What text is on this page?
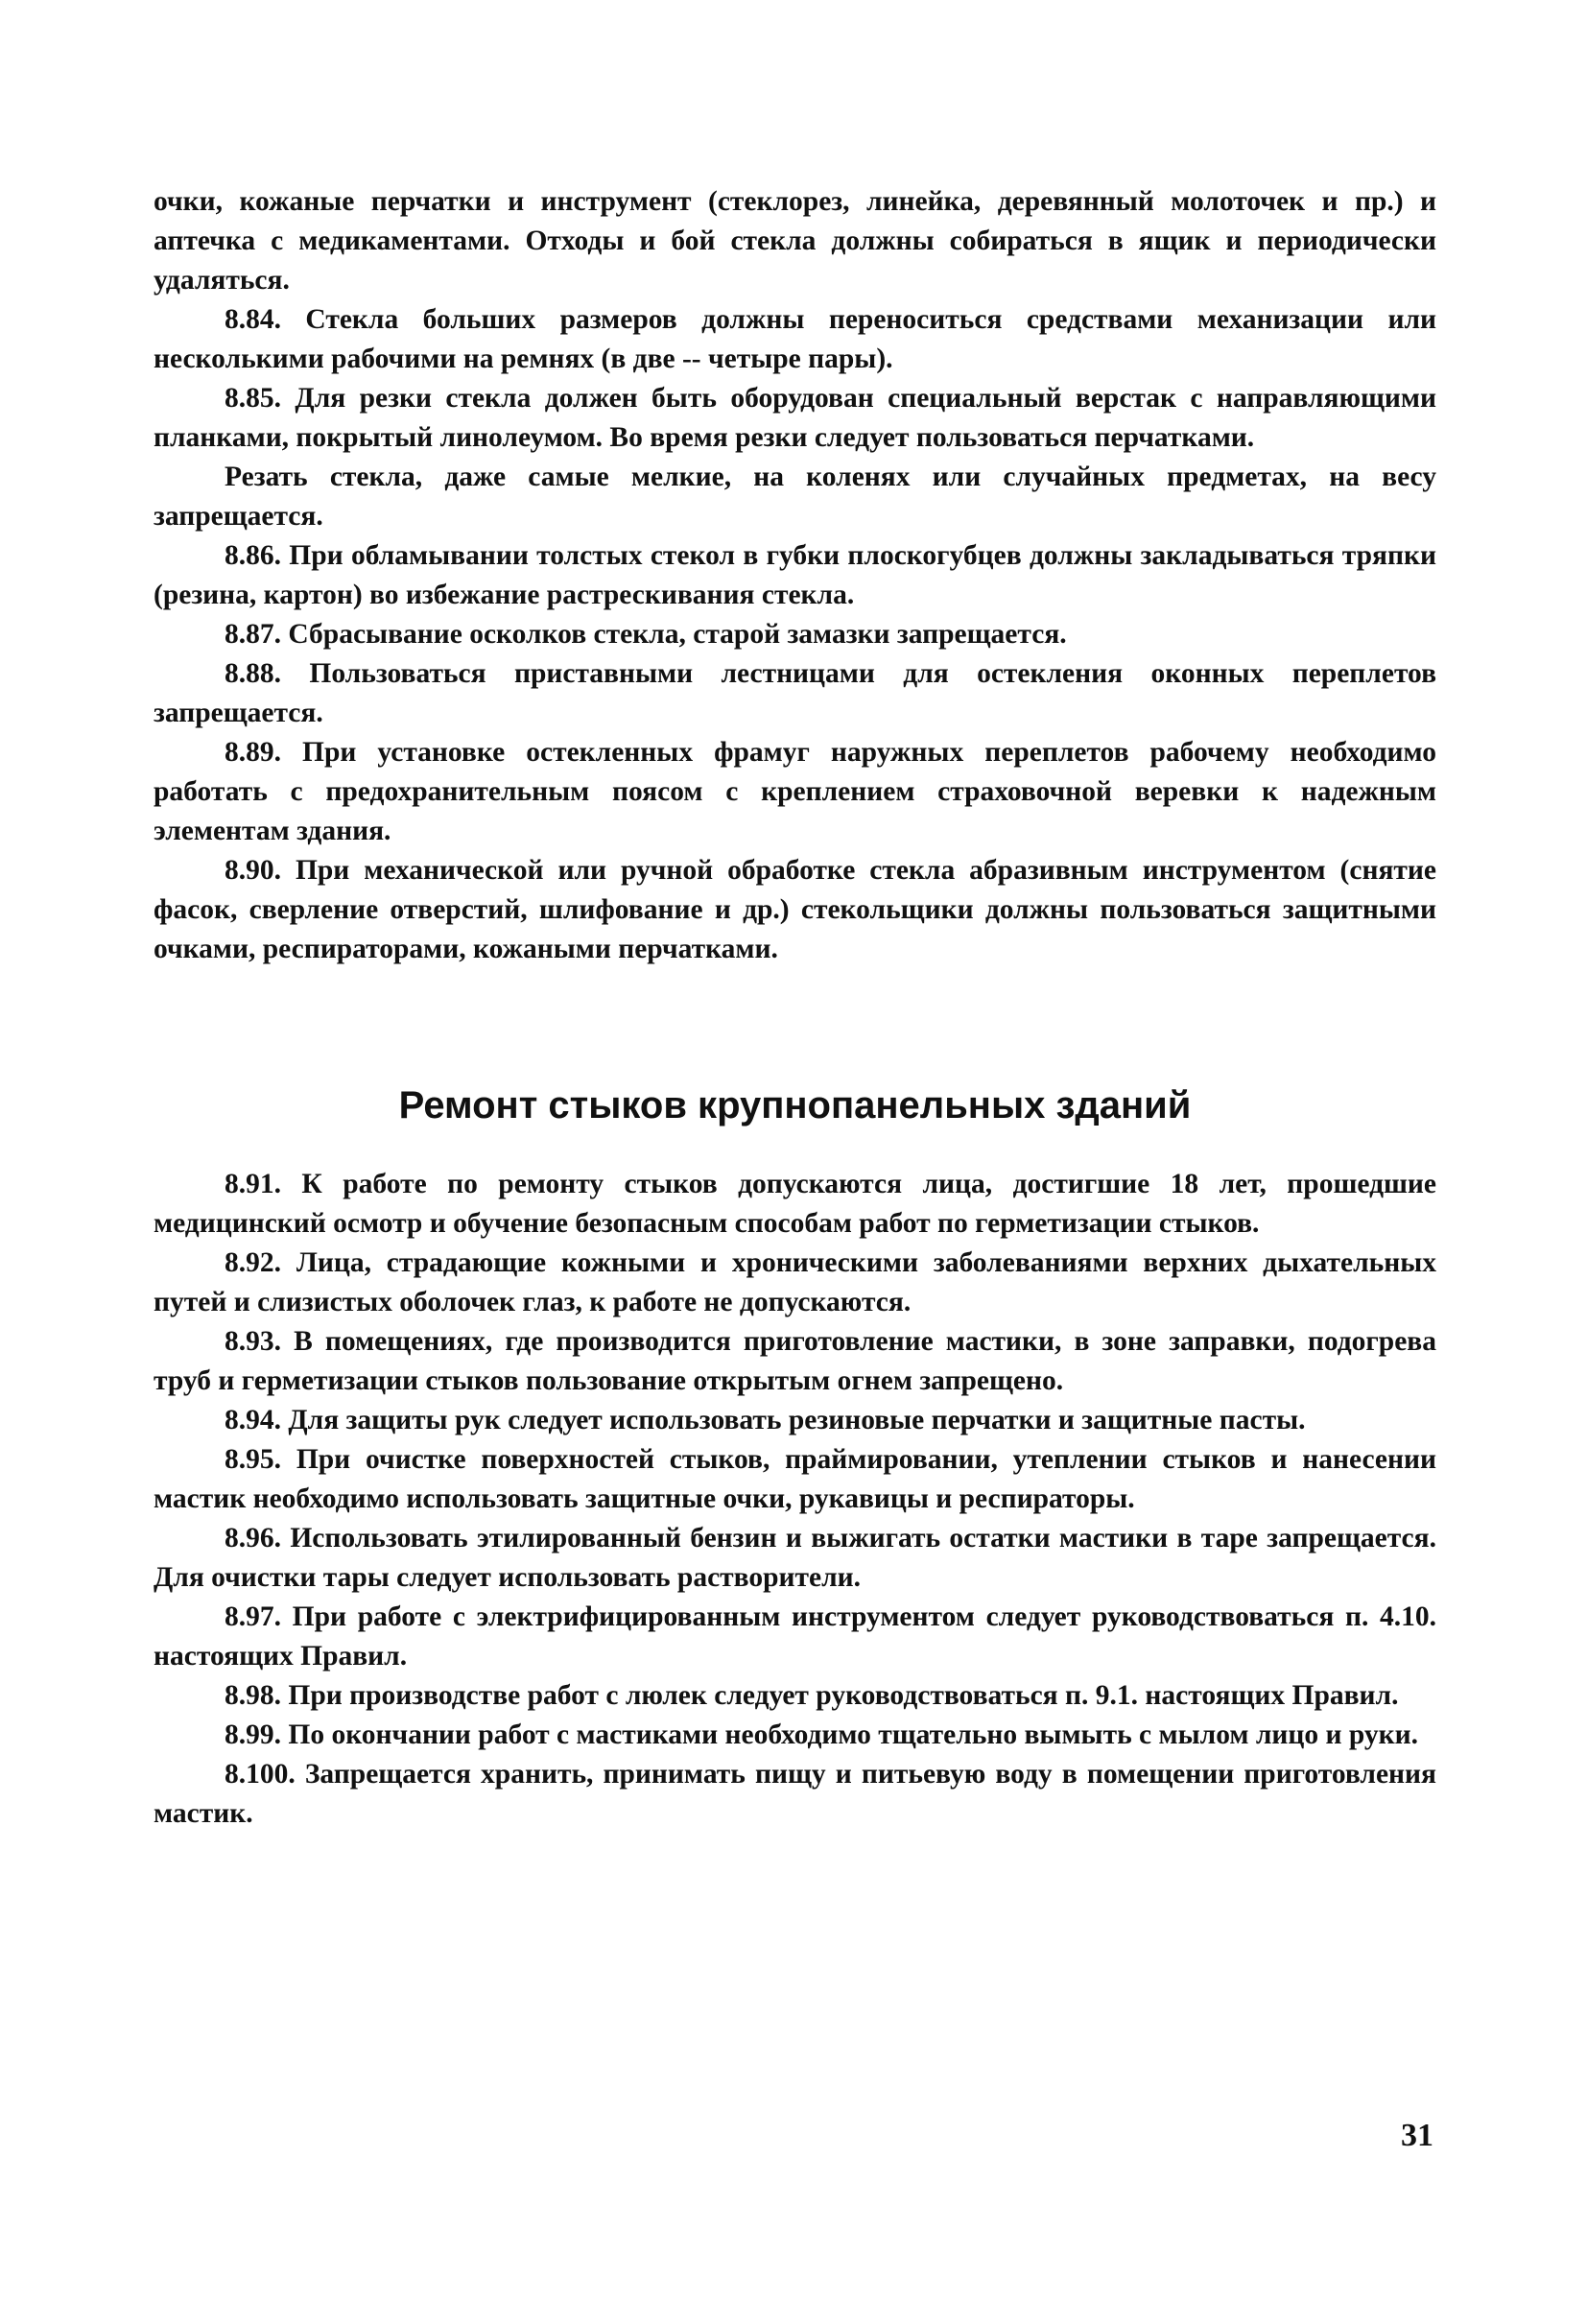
очки, кожаные перчатки и инструмент (стеклорез, линейка, деревянный молоточек и пр.) и аптечка с медикаментами. Отходы и бой стекла должны собираться в ящик и периодически удаляться.

8.84. Стекла больших размеров должны переноситься средствами механизации или несколькими рабочими на ремнях (в две -- четыре пары).

8.85. Для резки стекла должен быть оборудован специальный верстак с направляющими планками, покрытый линолеумом. Во время резки следует пользоваться перчатками.

Резать стекла, даже самые мелкие, на коленях или случайных предметах, на весу запрещается.

8.86. При обламывании толстых стекол в губки плоскогубцев должны закладываться тряпки (резина, картон) во избежание растрескивания стекла.

8.87. Сбрасывание осколков стекла, старой замазки запрещается.

8.88. Пользоваться приставными лестницами для остекления оконных переплетов запрещается.

8.89. При установке остекленных фрамуг наружных переплетов рабочему необходимо работать с предохранительным поясом с креплением страховочной веревки к надежным элементам здания.

8.90. При механической или ручной обработке стекла абразивным инструментом (снятие фасок, сверление отверстий, шлифование и др.) стекольщики должны пользоваться защитными очками, респираторами, кожаными перчатками.

Ремонт стыков крупнопанельных зданий

8.91. К работе по ремонту стыков допускаются лица, достигшие 18 лет, прошедшие медицинский осмотр и обучение безопасным способам работ по герметизации стыков.

8.92. Лица, страдающие кожными и хроническими заболеваниями верхних дыхательных путей и слизистых оболочек глаз, к работе не допускаются.

8.93. В помещениях, где производится приготовление мастики, в зоне заправки, подогрева труб и герметизации стыков пользование открытым огнем запрещено.

8.94. Для защиты рук следует использовать резиновые перчатки и защитные пасты.

8.95. При очистке поверхностей стыков, праймировании, утеплении стыков и нанесении мастик необходимо использовать защитные очки, рукавицы и респираторы.

8.96. Использовать этилированный бензин и выжигать остатки мастики в таре запрещается. Для очистки тары следует использовать растворители.

8.97. При работе с электрифицированным инструментом следует руководствоваться п. 4.10. настоящих Правил.

8.98. При производстве работ с люлек следует руководствоваться п. 9.1. настоящих Правил.

8.99. По окончании работ с мастиками необходимо тщательно вымыть с мылом лицо и руки.

8.100. Запрещается хранить, принимать пищу и питьевую воду в помещении приготовления мастик.

31
